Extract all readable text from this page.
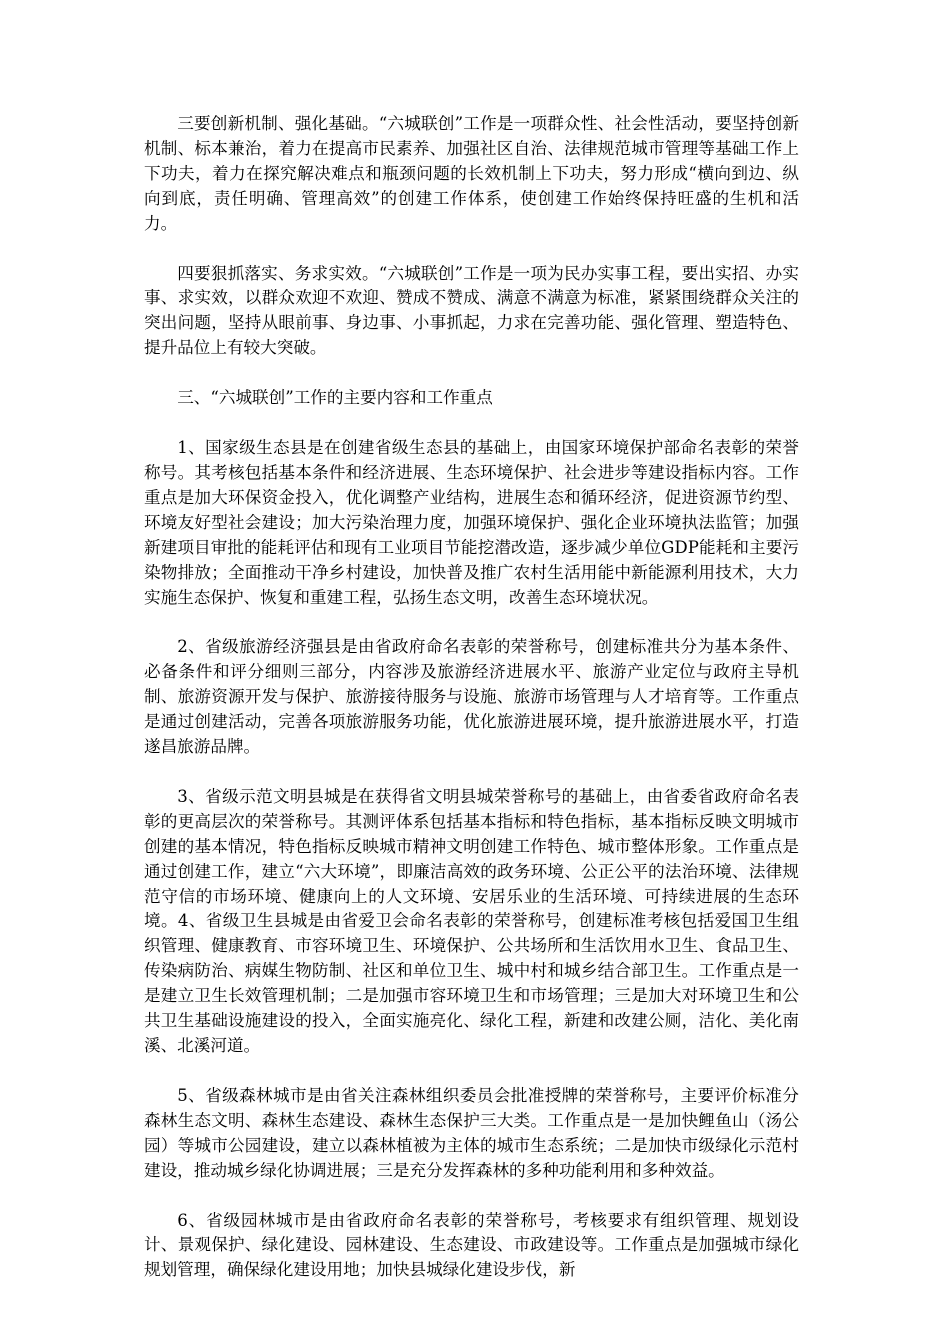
三要创新机制、强化基础。“六城联创”工作是一项群众性、社会性活动，要坚持创新机制、标本兼治，着力在提高市民素养、加强社区自治、法律规范城市管理等基础工作上下功夫，着力在探究解决难点和瓶颈问题的长效机制上下功夫，努力形成“横向到边、纵向到底，责任明确、管理高效”的创建工作体系，使创建工作始终保持旺盛的生机和活力。

四要狠抓落实、务求实效。“六城联创”工作是一项为民办实事工程，要出实招、办实事、求实效，以群众欢迎不欢迎、赞成不赞成、满意不满意为标准，紧紧围绕群众关注的突出问题，坚持从眼前事、身边事、小事抓起，力求在完善功能、强化管理、塑造特色、提升品位上有较大突破。

三、“六城联创”工作的主要内容和工作重点

1、国家级生态县是在创建省级生态县的基础上，由国家环境保护部命名表彰的荣誉称号。其考核包括基本条件和经济进展、生态环境保护、社会进步等建设指标内容。工作重点是加大环保资金投入，优化调整产业结构，进展生态和循环经济，促进资源节约型、环境友好型社会建设；加大污染治理力度，加强环境保护、强化企业环境执法监管；加强新建项目审批的能耗评估和现有工业项目节能挖潜改造，逐步减少单位GDP能耗和主要污染物排放；全面推动干净乡村建设，加快普及推广农村生活用能中新能源利用技术，大力实施生态保护、恢复和重建工程，弘扬生态文明，改善生态环境状况。

2、省级旅游经济强县是由省政府命名表彰的荣誉称号，创建标准共分为基本条件、必备条件和评分细则三部分，内容涉及旅游经济进展水平、旅游产业定位与政府主导机制、旅游资源开发与保护、旅游接待服务与设施、旅游市场管理与人才培育等。工作重点是通过创建活动，完善各项旅游服务功能，优化旅游进展环境，提升旅游进展水平，打造遂昌旅游品牌。

3、省级示范文明县城是在获得省文明县城荣誉称号的基础上，由省委省政府命名表彰的更高层次的荣誉称号。其测评体系包括基本指标和特色指标，基本指标反映文明城市创建的基本情况，特色指标反映城市精神文明创建工作特色、城市整体形象。工作重点是通过创建工作，建立“六大环境”，即廉洁高效的政务环境、公正公平的法治环境、法律规范守信的市场环境、健康向上的人文环境、安居乐业的生活环境、可持续进展的生态环境。4、省级卫生县城是由省爱卫会命名表彰的荣誉称号，创建标准考核包括爱国卫生组织管理、健康教育、市容环境卫生、环境保护、公共场所和生活饮用水卫生、食品卫生、传染病防治、病媒生物防制、社区和单位卫生、城中村和城乡结合部卫生。工作重点是一是建立卫生长效管理机制；二是加强市容环境卫生和市场管理；三是加大对环境卫生和公共卫生基础设施建设的投入，全面实施亮化、绿化工程，新建和改建公厕，洁化、美化南溪、北溪河道。

5、省级森林城市是由省关注森林组织委员会批准授牌的荣誉称号，主要评价标准分森林生态文明、森林生态建设、森林生态保护三大类。工作重点是一是加快鲤鱼山（汤公园）等城市公园建设，建立以森林植被为主体的城市生态系统；二是加快市级绿化示范村建设，推动城乡绿化协调进展；三是充分发挥森林的多种功能利用和多种效益。

6、省级园林城市是由省政府命名表彰的荣誉称号，考核要求有组织管理、规划设计、景观保护、绿化建设、园林建设、生态建设、市政建设等。工作重点是加强城市绿化规划管理，确保绿化建设用地；加快县城绿化建设步伐，新
